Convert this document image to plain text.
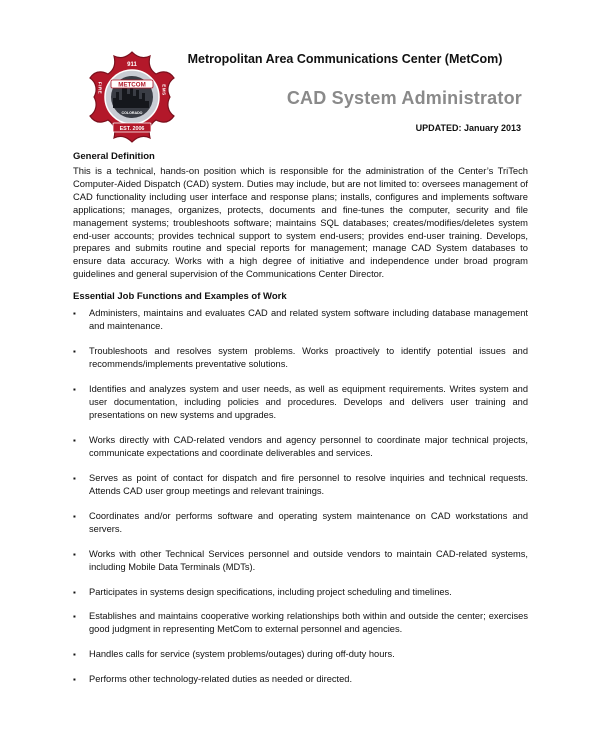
METCOM
COLORADO
911
FIRE	EMS
EST. 2006
Metropolitan Area Communications Center (MetCom)
CAD System Administrator
UPDATED: January 2013
General Definition
This is a technical, hands-on position which is responsible for the administration of the Center’s TriTech Computer-Aided Dispatch (CAD) system. Duties may include, but are not limited to: oversees management of CAD functionality including user interface and response plans; installs, configures and implements software applications; manages, organizes, protects, documents and fine-tunes the computer, security and file management systems; troubleshoots software; maintains SQL databases; creates/modifies/deletes system end-user accounts; provides technical support to system end-users; provides end-user training. Develops, prepares and submits routine and special reports for management; manage CAD System databases to ensure data accuracy. Works with a high degree of initiative and independence under broad program guidelines and general supervision of the Communications Center Director.
Essential Job Functions and Examples of Work
▪ Administers, maintains and evaluates CAD and related system software including database management and maintenance.
▪ Troubleshoots and resolves system problems. Works proactively to identify potential issues and recommends/implements preventative solutions.
▪ Identifies and analyzes system and user needs, as well as equipment requirements. Writes system and user documentation, including policies and procedures. Develops and delivers user training and presentations on new systems and upgrades.
▪ Works directly with CAD-related vendors and agency personnel to coordinate major technical projects, communicate expectations and coordinate deliverables and services.
▪ Serves as point of contact for dispatch and fire personnel to resolve inquiries and technical requests. Attends CAD user group meetings and relevant trainings.
▪ Coordinates and/or performs software and operating system maintenance on CAD workstations and servers.
▪ Works with other Technical Services personnel and outside vendors to maintain CAD-related systems, including Mobile Data Terminals (MDTs).
▪ Participates in systems design specifications, including project scheduling and timelines.
▪ Establishes and maintains cooperative working relationships both within and outside the center; exercises good judgment in representing MetCom to external personnel and agencies.
▪ Handles calls for service (system problems/outages) during off-duty hours.
▪ Performs other technology-related duties as needed or directed.
